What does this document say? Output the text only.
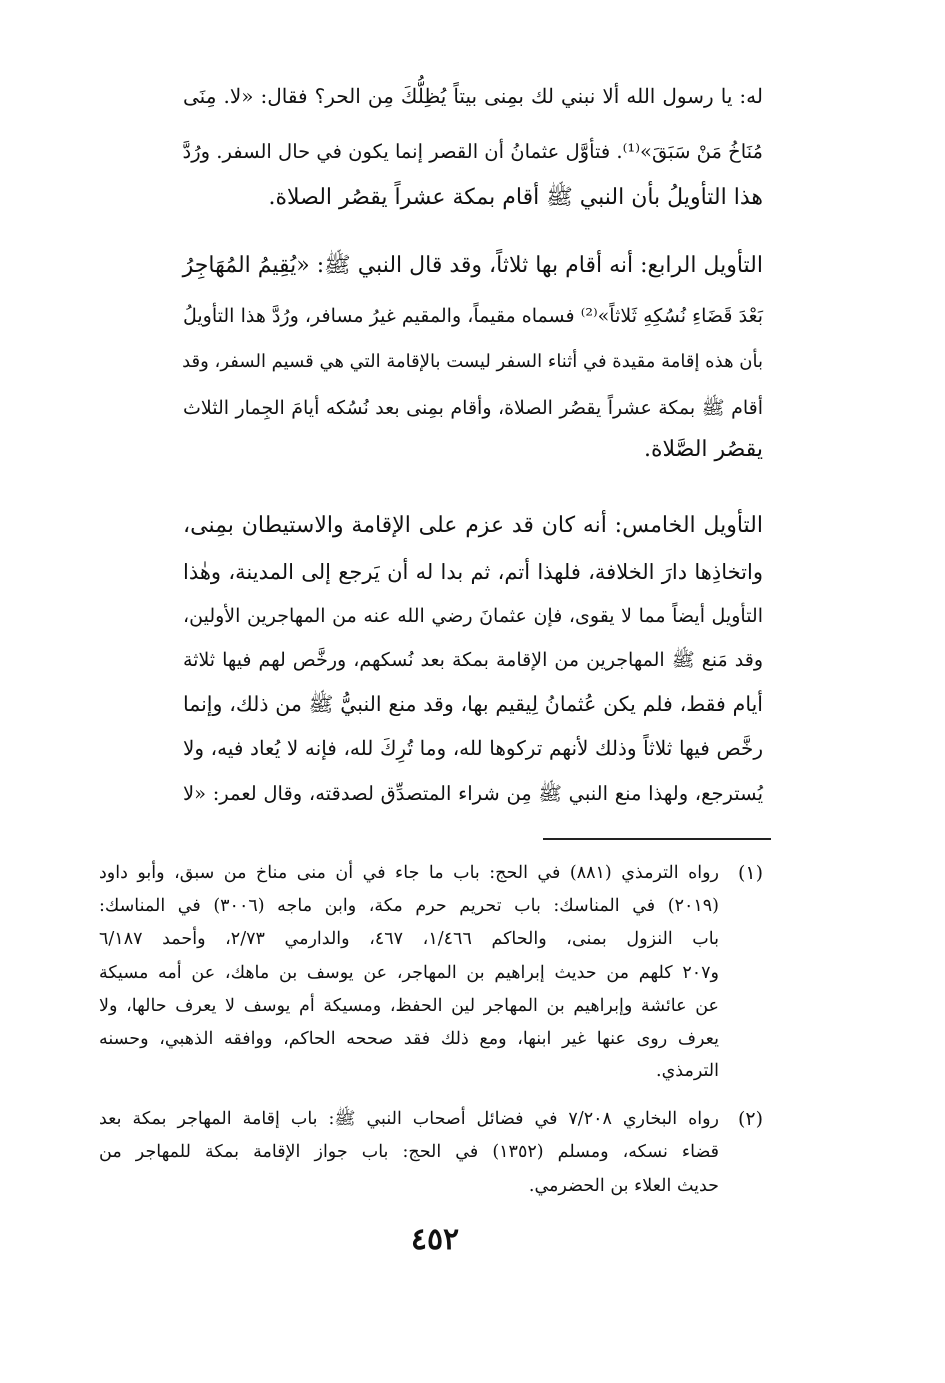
له: يا رسول الله ألا نبني لك بمِنى بيتاً يُظِلُّكَ مِن الحر؟ فقال: «لا. مِنَى
مُنَاخُ مَنْ سَبَقَ»⁽¹⁾. فتأوَّل عثمانُ أن القصر إنما يكون في حال السفر. ورُدَّ
هذا التأويلُ بأن النبي ﷺ أقام بمكة عشراً يقصُر الصلاة.
التأويل الرابع: أنه أقام بها ثلاثاً، وقد قال النبي ﷺ: «يُقِيمُ المُهَاجِرُ
بَعْدَ قَضَاءِ نُسُكِهِ ثَلاثاً»⁽²⁾ فسماه مقيماً، والمقيم غيرُ مسافر، ورُدَّ هذا التأويلُ
بأن هذه إقامة مقيدة في أثناء السفر ليست بالإقامة التي هي قسيم السفر، وقد
أقام ﷺ بمكة عشراً يقصُر الصلاة، وأقام بمِنى بعد نُسُكه أيامَ الجِمار الثلاث
يقصُر الصَّلاة.
التأويل الخامس: أنه كان قد عزم على الإقامة والاستيطان بمِنى،
واتخاذِها دارَ الخلافة، فلهذا أتم، ثم بدا له أن يَرجع إلى المدينة، وهٰذا
التأويل أيضاً مما لا يقوى، فإن عثمانَ رضي الله عنه من المهاجرين الأولين،
وقد مَنع ﷺ المهاجرين من الإقامة بمكة بعد نُسكهم، ورخَّص لهم فيها ثلاثة
أيام فقط، فلم يكن عُثمانُ لِيقيم بها، وقد منع النبيُّ ﷺ من ذلك، وإنما
رخَّص فيها ثلاثاً وذلك لأنهم تركوها لله، وما تُرِكَ لله، فإنه لا يُعاد فيه، ولا
يُسترجع، ولهذا منع النبي ﷺ مِن شراء المتصدِّق لصدقته، وقال لعمر: «لا
(١)
رواه الترمذي (٨٨١) في الحج: باب ما جاء في أن منى مناخ من سبق، وأبو داود
(٢٠١٩) في المناسك: باب تحريم حرم مكة، وابن ماجه (٣٠٠٦) في المناسك:
باب النزول بمنى، والحاكم ١/٤٦٦، ٤٦٧، والدارمي ٢/٧٣، وأحمد ٦/١٨٧
و٢٠٧ كلهم من حديث إبراهيم بن المهاجر، عن يوسف بن ماهك، عن أمه مسيكة
عن عائشة وإبراهيم بن المهاجر لين الحفظ، ومسيكة أم يوسف لا يعرف حالها، ولا
يعرف روى عنها غير ابنها، ومع ذلك فقد صححه الحاكم، ووافقه الذهبي، وحسنه
الترمذي.
(٢)
رواه البخاري ٧/٢٠٨ في فضائل أصحاب النبي ﷺ: باب إقامة المهاجر بمكة بعد
قضاء نسكه، ومسلم (١٣٥٢) في الحج: باب جواز الإقامة بمكة للمهاجر من
حديث العلاء بن الحضرمي.
٤٥٢
